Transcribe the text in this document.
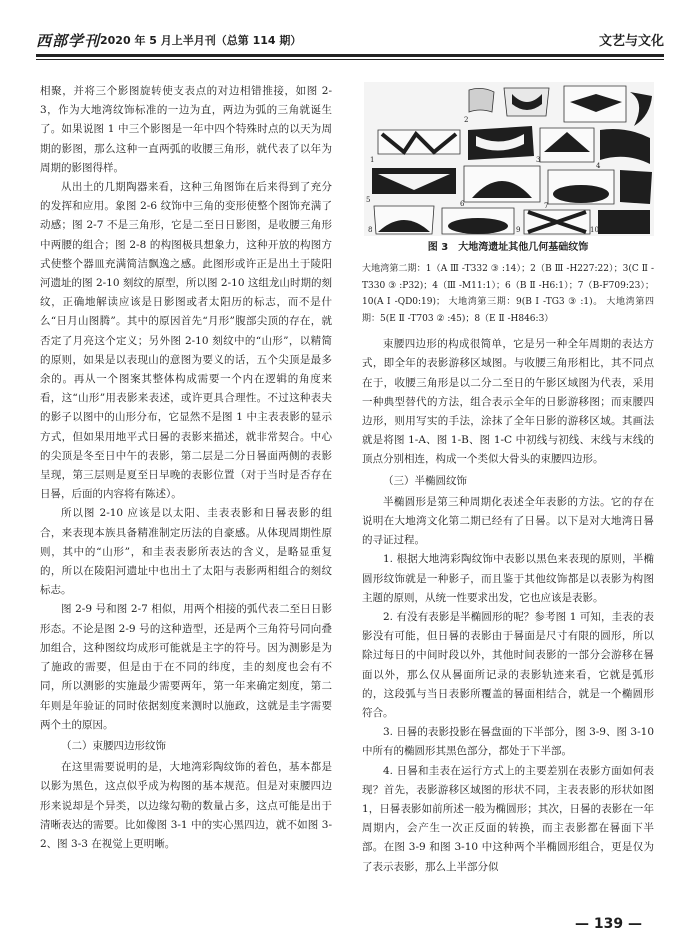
西部学刊 2020 年 5 月上半月刊（总第 114 期）	文艺与文化

相聚，并将三个影图旋转使支表点的对边相错推接，如图 2-3，作为大地湾纹饰标准的一边为直，两边为弧的三角就诞生了。如果说图 1 中三个影图是一年中四个特殊时点的以天为周期的影图，那么这种一直两弧的收腰三角形，就代表了以年为周期的影图得样。

从出土的几期陶器来看，这种三角图饰在后来得到了充分的发挥和应用。象图 2-6 纹饰中三角的变形使整个图饰充满了动感；图 2-7 不是三角形，它是二至日日影图，是收腰三角形中两腰的组合；图 2-8 的构图极具想象力，这种开放的构图方式使整个器皿充满简洁飘逸之感。此图形或许正是出土于陵阳河遗址的图 2-10 刻纹的原型，所以图 2-10 这组龙山时期的刻纹，正确地解读应该是日影图或者太阳历的标志，而不是什么“日月山图腾”。其中的原因首先“月形”腹部尖顶的存在，就否定了月亮这个定义；另外图 2-10 刻纹中的“山形”，以精简的原则，如果是以表现山的意图为要义的话，五个尖顶是最多余的。再从一个图案其整体构成需要一个内在逻辑的角度来看，这“山形”用表影来表述，或许更具合理性。不过这种表夫的影子以图中的山形分布，它显然不是图 1 中主表表影的显示方式，但如果用地平式日晷的表影来描述，就非常契合。中心的尖顶是冬至日中午的表影，第二层是二分日晷面两侧的表影呈现，第三层则是夏至日早晚的表影位置（对于当时是否存在日晷，后面的内容将有陈述）。

所以图 2-10 应该是以太阳、圭表表影和日晷表影的组合，来表现本族具备精准制定历法的自豪感。从体现周期性原则，其中的“山形”，和圭表表影所表达的含义，是略显重复的，所以在陵阳河遗址中也出土了太阳与表影两相组合的刻纹标志。

图 2-9 号和图 2-7 相似，用两个相接的弧代表二至日日影形态。不论是图 2-9 号的这种造型，还是两个三角符号同向叠加组合，这种图纹均成形可能就是主字的符号。因为测影是为了施政的需要，但是由于在不同的纬度，圭的刻度也会有不同，所以测影的实施最少需要两年，第一年来确定刻度，第二年则是年验证的同时依据刻度来测时以施政，这就是圭字需要两个土的原因。

（二）束腰四边形纹饰

在这里需要说明的是，大地湾彩陶纹饰的着色，基本都是以影为黑色，这点似乎成为构图的基本规范。但是对束腰四边形来说却是个异类，以边缘勾勒的数量占多，这点可能是出于清晰表达的需要。比如像图 3-1 中的实心黑四边，就不如图 3-2、图 3-3 在视觉上更明晰。

1
2
3
4
5	6	7
8	9	10
图 3　大地湾遗址其他几何基础纹饰
大地湾第二期：1（A Ⅲ -T332 ③ :14）；2（B Ⅲ -H227:22）；3(C Ⅱ -T330 ③ :P32)；4（Ⅲ -M11:1）；6（B Ⅱ -H6:1）；7（B-F709:23）；10(A Ⅰ -QD0:19)； 大地湾第三期：9(B Ⅰ -TG3 ③ :1)。 大地湾第四期：5(E Ⅱ -T703 ② :45)；8（E Ⅱ -H846:3）

束腰四边形的构成很简单，它是另一种全年周期的表达方式，即全年的表影游移区域图。与收腰三角形相比，其不同点在于，收腰三角形是以二分二至日的午影区域图为代表，采用一种典型替代的方法，组合表示全年的日影游移图；而束腰四边形，则用写实的手法，涂抹了全年日影的游移区域。其画法就是将图 1-A、图 1-B、图 1-C 中初线与初线、末线与末线的顶点分别相连，构成一个类似大骨头的束腰四边形。

（三）半椭圆纹饰

半椭圆形是第三种周期化表述全年表影的方法。它的存在说明在大地湾文化第二期已经有了日晷。以下是对大地湾日晷的寻证过程。

1. 根据大地湾彩陶纹饰中表影以黑色来表现的原则，半椭圆形纹饰就是一种影子，而且鉴于其他纹饰都是以表影为构图主题的原则，从统一性要求出发，它也应该是表影。

2. 有没有表影是半椭圆形的呢？参考图 1 可知，圭表的表影没有可能，但日晷的表影由于晷面是尺寸有限的圆形，所以除过每日的中间时段以外，其他时间表影的一部分会游移在晷面以外，那么仅从晷面所记录的表影轨迹来看，它就是弧形的，这段弧与当日表影所覆盖的晷面相结合，就是一个椭圆形符合。

3. 日晷的表影投影在晷盘面的下半部分，图 3-9、图 3-10 中所有的椭圆形其黑色部分，都处于下半部。

4. 日晷和圭表在运行方式上的主要差别在表影方面如何表现？首先，表影游移区域图的形状不同，主表表影的形状如图 1，日晷表影如前所述一般为椭圆形；其次，日晷的表影在一年周期内，会产生一次正反面的转换，而主表影都在晷面下半部。在图 3-9 和图 3-10 中这种两个半椭圆形组合，更是仅为了表示表影，那么上半部分似

— 139 —
